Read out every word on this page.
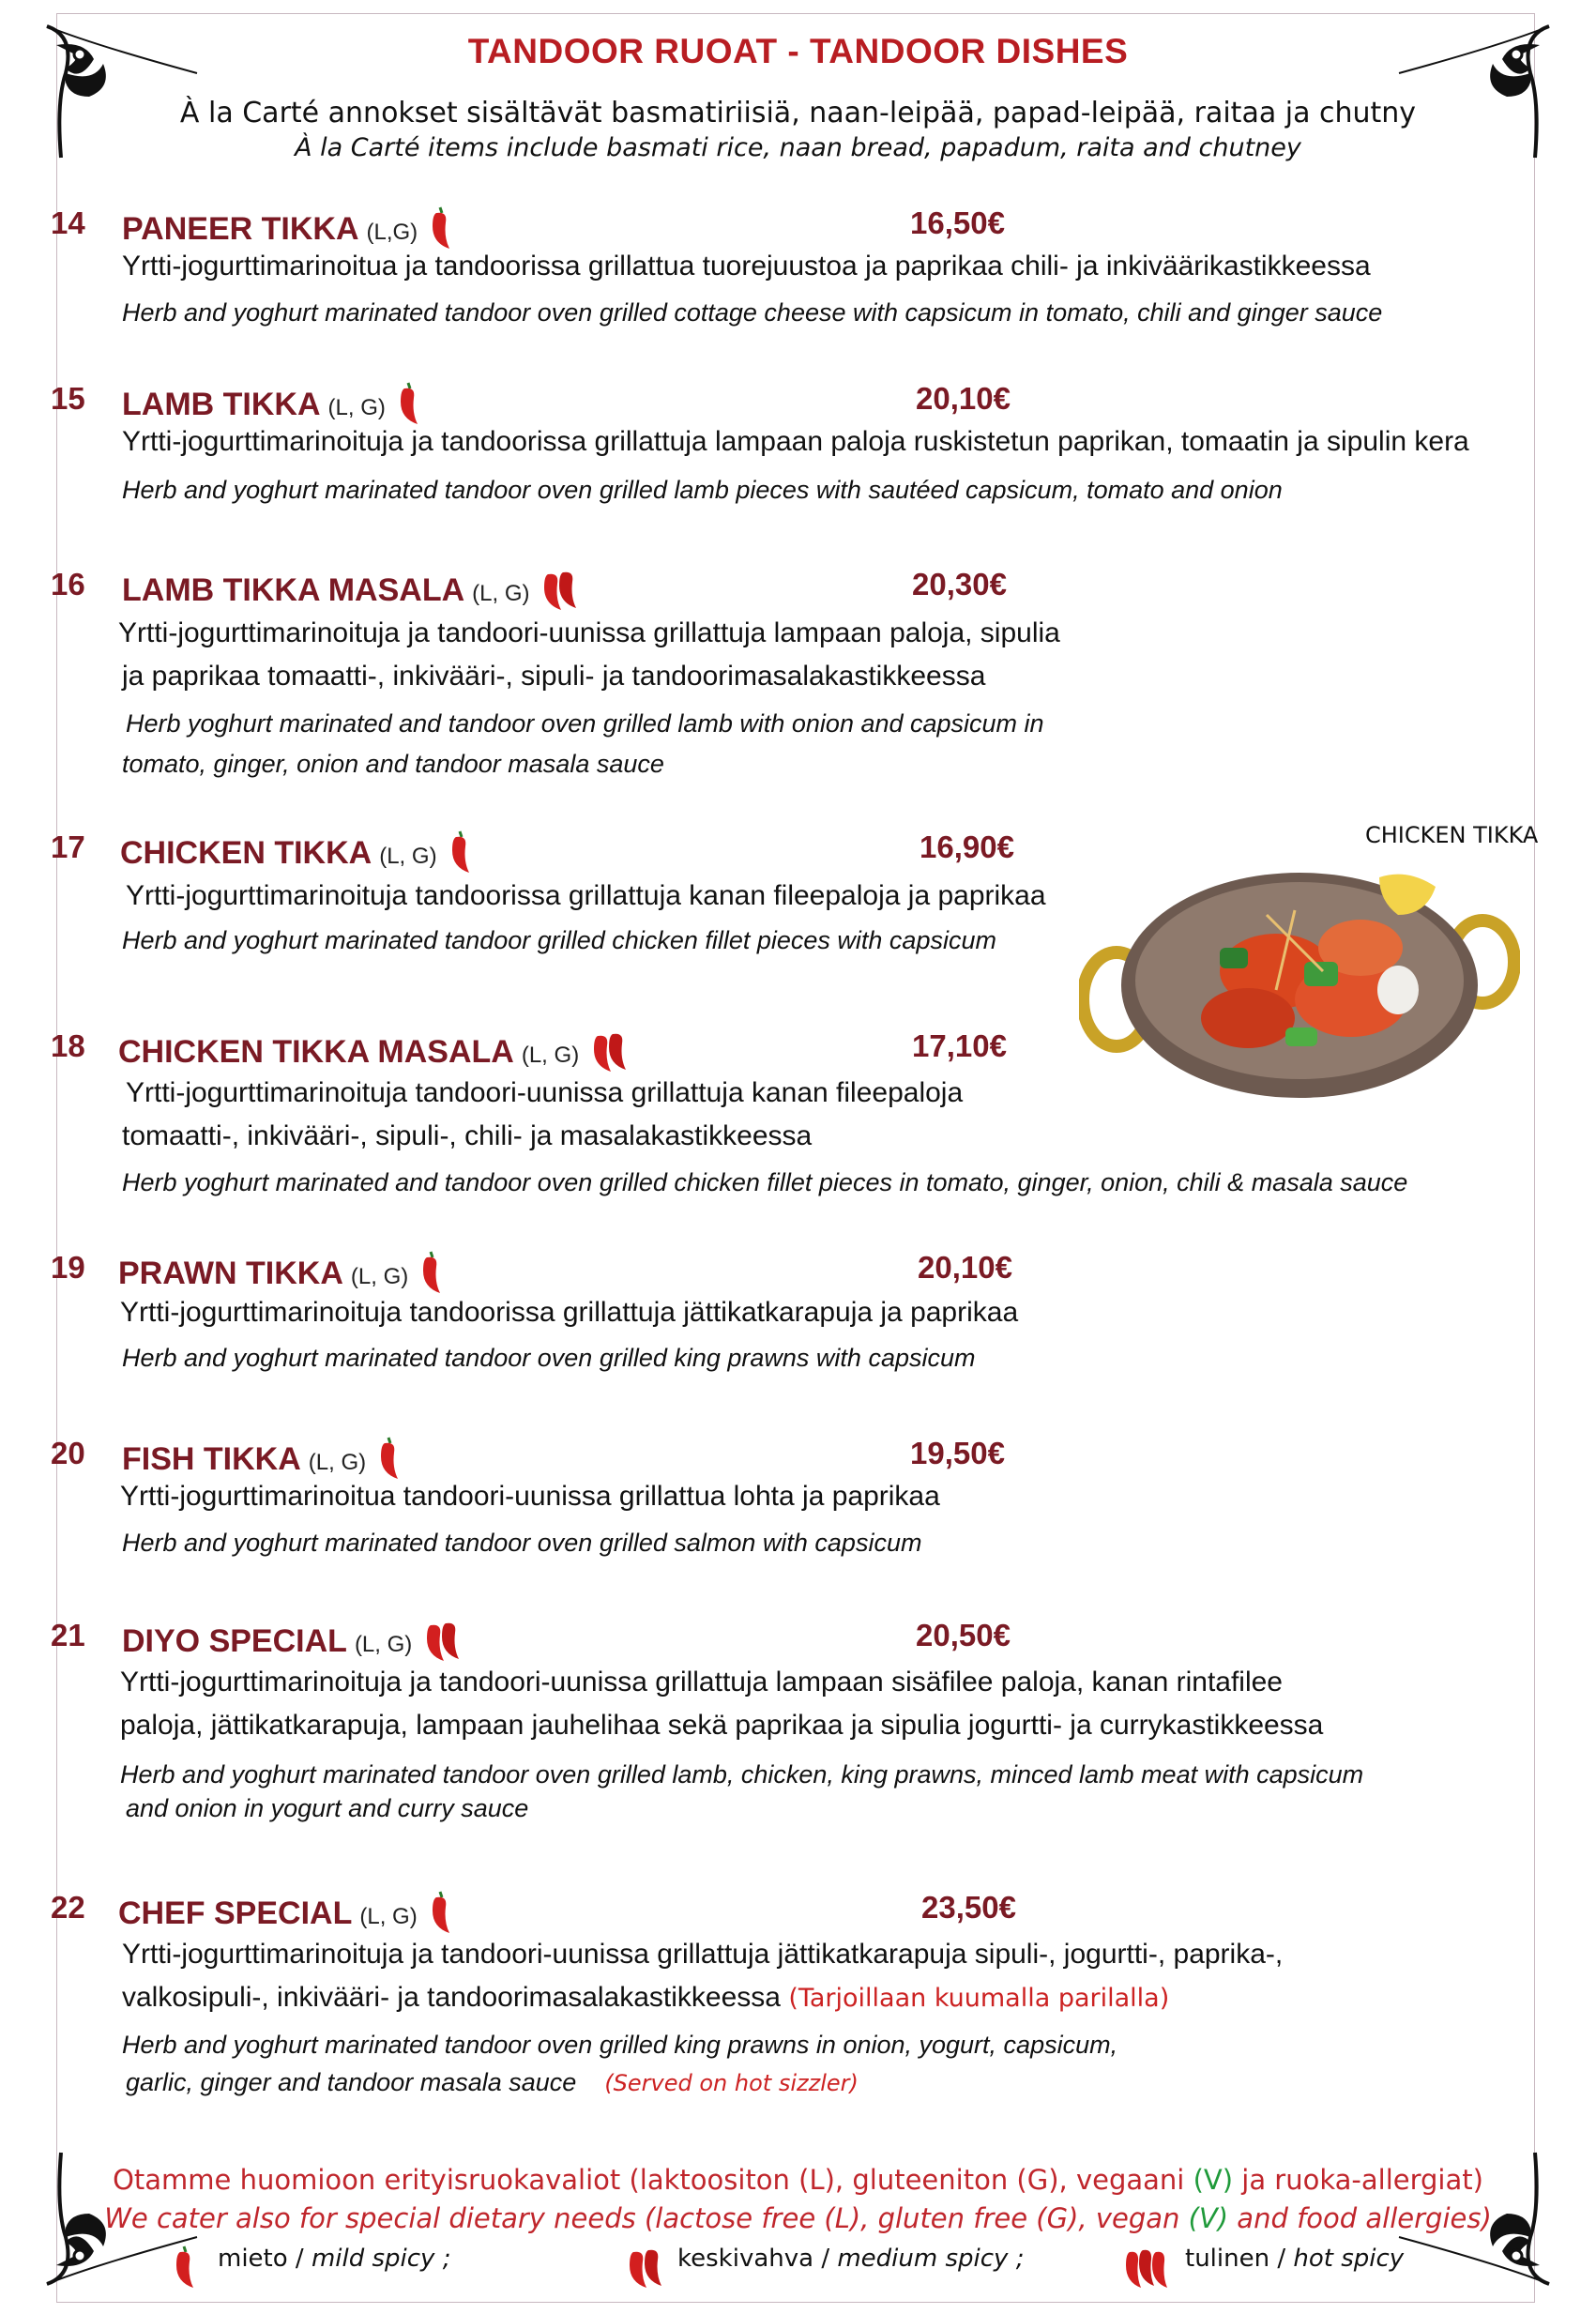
TANDOOR RUOAT - TANDOOR DISHES
À la Carté annokset sisältävät basmatiriisiä, naan-leipää, papad-leipää, raitaa ja chutny
À la Carté items include basmati rice, naan bread, papadum, raita and chutney
14 PANEER TIKKA (L,G)	16,50€
Yrtti-jogurttimarinoitua ja tandoorissa grillattua tuorejuustoa ja paprikaa chili- ja inkiväärikastikkeessa
Herb and yoghurt marinated tandoor oven grilled cottage cheese with capsicum in tomato, chili and ginger sauce
15 LAMB TIKKA (L, G)	20,10€
Yrtti-jogurttimarinoituja ja tandoorissa grillattuja lampaan paloja ruskistetun paprikan, tomaatin ja sipulin kera
Herb and yoghurt marinated tandoor oven grilled lamb pieces with sautéed capsicum, tomato and onion
16 LAMB TIKKA MASALA (L, G)	20,30€
Yrtti-jogurttimarinoituja ja tandoori-uunissa grillattuja lampaan paloja, sipulia
ja paprikaa tomaatti-, inkivääri-, sipuli- ja tandoorimasalakastikkeessa
Herb yoghurt marinated and tandoor oven grilled lamb with onion and capsicum in
tomato, ginger, onion and tandoor masala sauce
17 CHICKEN TIKKA (L, G)	16,90€
Yrtti-jogurttimarinoituja tandoorissa grillattuja kanan fileepaloja ja paprikaa
Herb and yoghurt marinated tandoor grilled chicken fillet pieces with capsicum
18 CHICKEN TIKKA MASALA (L, G)	17,10€
Yrtti-jogurttimarinoituja tandoori-uunissa grillattuja kanan fileepaloja
tomaatti-, inkivääri-, sipuli-, chili- ja masalakastikkeessa
Herb yoghurt marinated and tandoor oven grilled chicken fillet pieces in tomato, ginger, onion, chili & masala sauce
19 PRAWN TIKKA (L, G)	20,10€
Yrtti-jogurttimarinoituja tandoorissa grillattuja jättikatkarapuja ja paprikaa
Herb and yoghurt marinated tandoor oven grilled king prawns with capsicum
20 FISH TIKKA (L, G)	19,50€
Yrtti-jogurttimarinoitua tandoori-uunissa grillattua lohta ja paprikaa
Herb and yoghurt marinated tandoor oven grilled salmon with capsicum
21 DIYO SPECIAL (L, G)	20,50€
Yrtti-jogurttimarinoituja ja tandoori-uunissa grillattuja lampaan sisäfilee paloja, kanan rintafilee
paloja, jättikatkarapuja, lampaan jauhelihaa sekä paprikaa ja sipulia jogurtti- ja currykastikkeessa
Herb and yoghurt marinated tandoor oven grilled lamb, chicken, king prawns, minced lamb meat with capsicum
and onion in yogurt and curry sauce
22 CHEF SPECIAL (L, G)	23,50€
Yrtti-jogurttimarinoituja ja tandoori-uunissa grillattuja jättikatkarapuja sipuli-, jogurtti-, paprika-,
valkosipuli-, inkivääri- ja tandoorimasalakastikkeessa (Tarjoillaan kuumalla parilalla)
Herb and yoghurt marinated tandoor oven grilled king prawns in onion, yogurt, capsicum,
garlic, ginger and tandoor masala sauce (Served on hot sizzler)
CHICKEN TIKKA
Otamme huomioon erityisruokavaliot (laktoositon (L), gluteeniton (G), vegaani (V) ja ruoka-allergiat)
We cater also for special dietary needs (lactose free (L), gluten free (G), vegan (V) and food allergies)
mieto / mild spicy ;	keskivahva / medium spicy ;	tulinen / hot spicy
